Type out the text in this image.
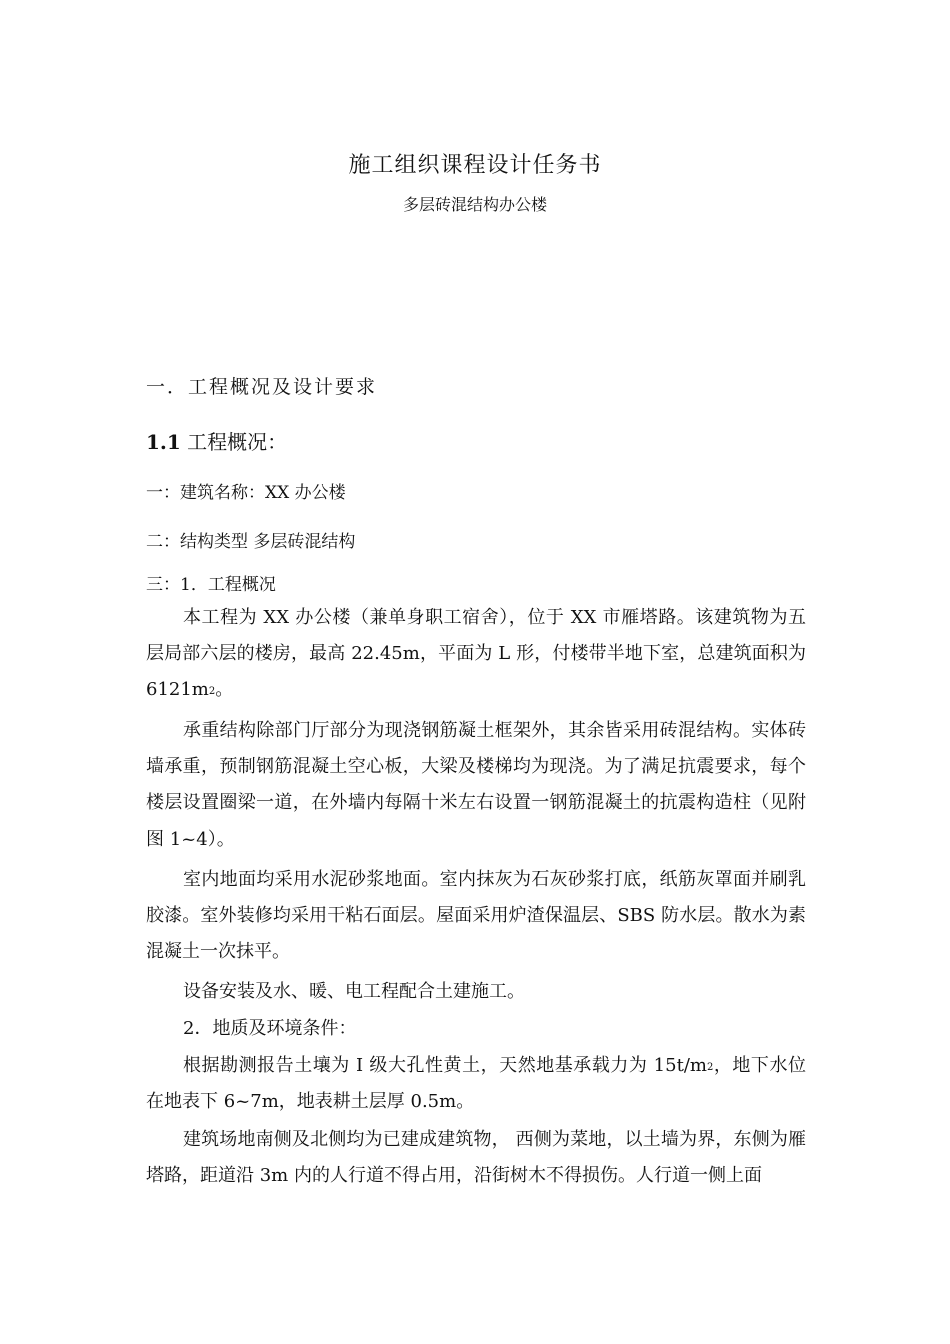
施工组织课程设计任务书
多层砖混结构办公楼
一．工程概况及设计要求
1.1 工程概况：
一：建筑名称：XX 办公楼
二：结构类型 多层砖混结构
三：1．工程概况
本工程为 XX 办公楼（兼单身职工宿舍），位于 XX 市雁塔路。该建筑物为五层局部六层的楼房，最高 22.45m，平面为 L 形，付楼带半地下室，总建筑面积为 $6121m^2$。
承重结构除部门厅部分为现浇钢筋凝土框架外，其余皆采用砖混结构。实体砖墙承重，预制钢筋混凝土空心板，大梁及楼梯均为现浇。为了满足抗震要求，每个楼层设置圈梁一道，在外墙内每隔十米左右设置一钢筋混凝土的抗震构造柱（见附图 1~4）。
室内地面均采用水泥砂浆地面。室内抹灰为石灰砂浆打底，纸筋灰罩面并刷乳胶漆。室外装修均采用干粘石面层。屋面采用炉渣保温层、SBS 防水层。散水为素混凝土一次抹平。
设备安装及水、暖、电工程配合土建施工。
2．地质及环境条件：
根据勘测报告土壤为 I 级大孔性黄土，天然地基承载力为 $15t/m^2$，地下水位在地表下 6~7m，地表耕土层厚 0.5m。
建筑场地南侧及北侧均为已建成建筑物， 西侧为菜地，以土墙为界，东侧为雁塔路，距道沿 3m 内的人行道不得占用，沿街树木不得损伤。人行道一侧上面
